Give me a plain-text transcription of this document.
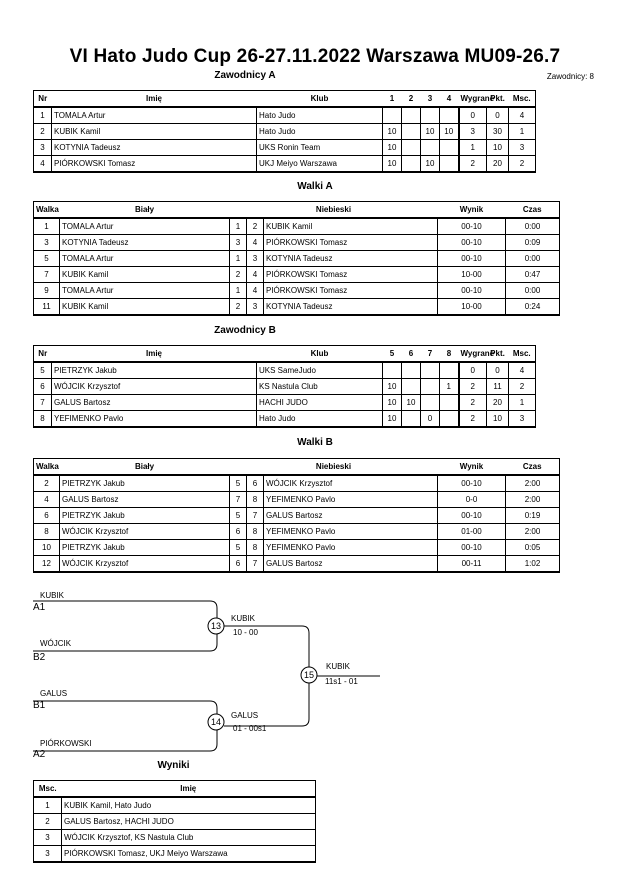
VI Hato Judo Cup 26-27.11.2022 Warszawa MU09-26.7
Zawodnicy A	Zawodnicy: 8
Nr	Imię	Klub	1	2	3	4	Wygrane	Pkt.	Msc.
1	TOMALA Artur	Hato Judo					0	0	4
2	KUBIK Kamil	Hato Judo	10		10	10	3	30	1
3	KOTYNIA Tadeusz	UKS Ronin Team	10				1	10	3
4	PIÓRKOWSKI Tomasz	UKJ Meiyo Warszawa	10		10		2	20	2
Walki A
Walka	Biały	Niebieski			Wynik	Czas
1	TOMALA Artur	1	2	KUBIK Kamil	00-10	0:00
3	KOTYNIA Tadeusz	3	4	PIÓRKOWSKI Tomasz	00-10	0:09
5	TOMALA Artur	1	3	KOTYNIA Tadeusz	00-10	0:00
7	KUBIK Kamil	2	4	PIÓRKOWSKI Tomasz	10-00	0:47
9	TOMALA Artur	1	4	PIÓRKOWSKI Tomasz	00-10	0:00
11	KUBIK Kamil	2	3	KOTYNIA Tadeusz	10-00	0:24
Zawodnicy B
Nr	Imię	Klub	5	6	7	8	Wygrane	Pkt.	Msc.
5	PIETRZYK Jakub	UKS SameJudo					0	0	4
6	WÓJCIK Krzysztof	KS Nastula Club	10			1	2	11	2
7	GALUS Bartosz	HACHI JUDO	10	10			2	20	1
8	YEFIMENKO Pavlo	Hato Judo	10		0		2	10	3
Walki B
Walka	Biały	Niebieski			Wynik	Czas
2	PIETRZYK Jakub	5	6	WÓJCIK Krzysztof	00-10	2:00
4	GALUS Bartosz	7	8	YEFIMENKO Pavlo	0-0	2:00
6	PIETRZYK Jakub	5	7	GALUS Bartosz	00-10	0:19
8	WÓJCIK Krzysztof	6	8	YEFIMENKO Pavlo	01-00	2:00
10	PIETRZYK Jakub	5	8	YEFIMENKO Pavlo	00-10	0:05
12	WÓJCIK Krzysztof	6	7	GALUS Bartosz	00-11	1:02
KUBIK
A1
WÓJCIK
B2
GALUS
B1
PIÓRKOWSKI
A2
13
14
15
KUBIK
10 - 00
GALUS
01 - 00s1
KUBIK
11s1 - 01
Wyniki
Msc.	Imię
1	KUBIK Kamil, Hato Judo
2	GALUS Bartosz, HACHI JUDO
3	WÓJCIK Krzysztof, KS Nastula Club
3	PIÓRKOWSKI Tomasz, UKJ Meiyo Warszawa
